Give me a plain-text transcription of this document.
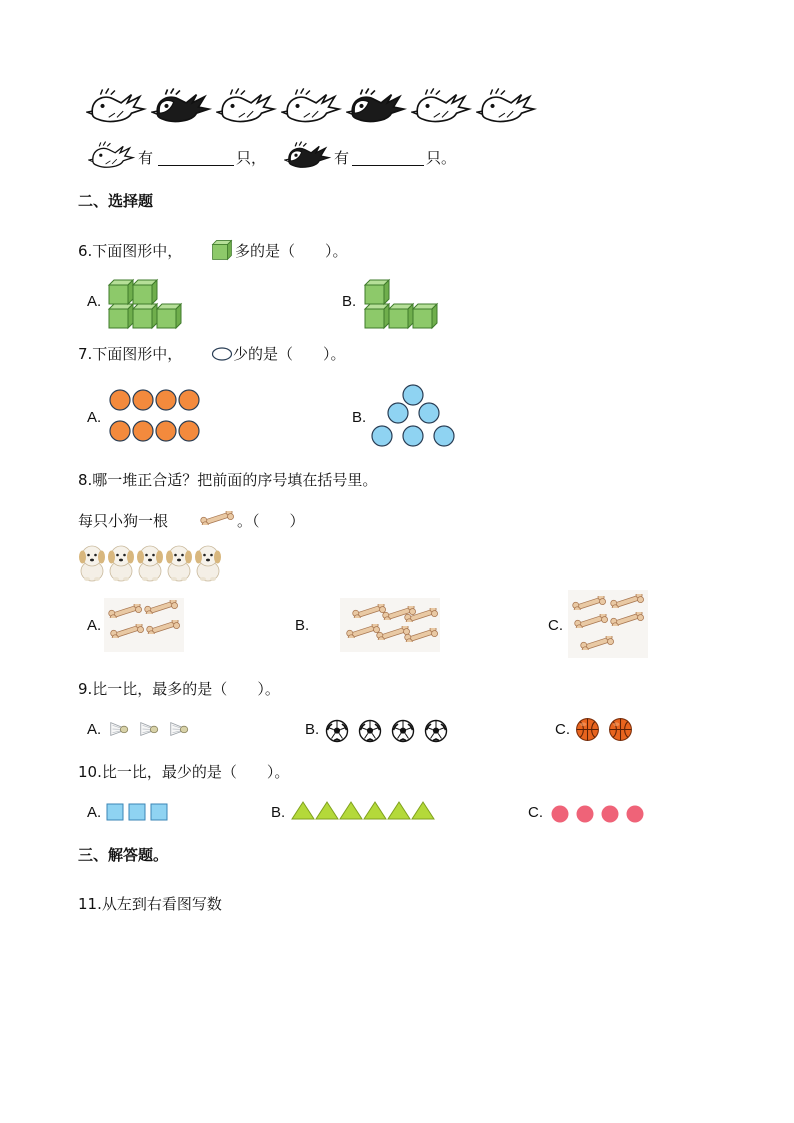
有	只，	有	只。
二、选择题
6.下面图形中，	多的是（　　）。
A.	B.
7.下面图形中，	少的是（　　）。
A.	B.
8.哪一堆正合适？把前面的序号填在括号里。
每只小狗一根	。（　　）
A.	B.	C.
9.比一比，最多的是（　　）。
A.	B.	C.
10.比一比，最少的是（　　）。
A.	B.	C.
三、解答题。
11.从左到右看图写数
